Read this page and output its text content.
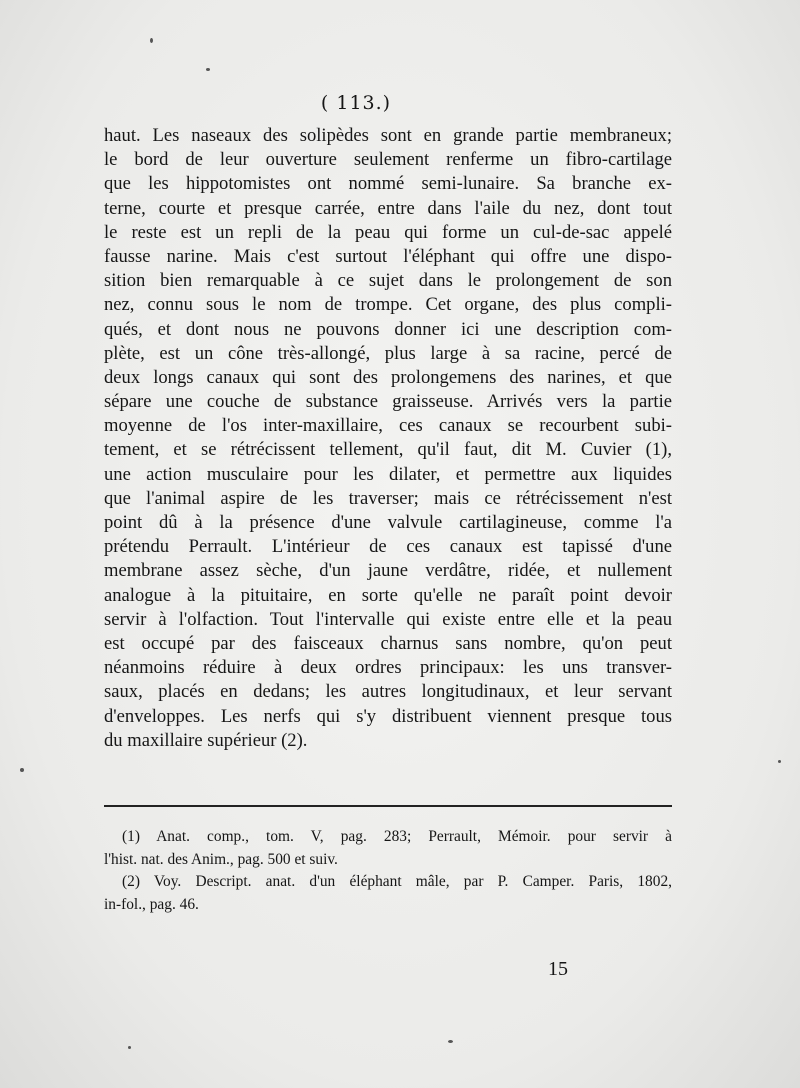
( 113.)
haut. Les naseaux des solipèdes sont en grande partie membraneux;
le bord de leur ouverture seulement renferme un fibro-cartilage
que les hippotomistes ont nommé semi-lunaire. Sa branche ex-
terne, courte et presque carrée, entre dans l'aile du nez, dont tout
le reste est un repli de la peau qui forme un cul-de-sac appelé
fausse narine. Mais c'est surtout l'éléphant qui offre une dispo-
sition bien remarquable à ce sujet dans le prolongement de son
nez, connu sous le nom de trompe. Cet organe, des plus compli-
qués, et dont nous ne pouvons donner ici une description com-
plète, est un cône très-allongé, plus large à sa racine, percé de
deux longs canaux qui sont des prolongemens des narines, et que
sépare une couche de substance graisseuse. Arrivés vers la partie
moyenne de l'os inter-maxillaire, ces canaux se recourbent subi-
tement, et se rétrécissent tellement, qu'il faut, dit M. Cuvier (1),
une action musculaire pour les dilater, et permettre aux liquides
que l'animal aspire de les traverser; mais ce rétrécissement n'est
point dû à la présence d'une valvule cartilagineuse, comme l'a
prétendu Perrault. L'intérieur de ces canaux est tapissé d'une
membrane assez sèche, d'un jaune verdâtre, ridée, et nullement
analogue à la pituitaire, en sorte qu'elle ne paraît point devoir
servir à l'olfaction. Tout l'intervalle qui existe entre elle et la peau
est occupé par des faisceaux charnus sans nombre, qu'on peut
néanmoins réduire à deux ordres principaux: les uns transver-
saux, placés en dedans; les autres longitudinaux, et leur servant
d'enveloppes. Les nerfs qui s'y distribuent viennent presque tous
du maxillaire supérieur (2).
(1) Anat. comp., tom. V, pag. 283; Perrault, Mémoir. pour servir à
l'hist. nat. des Anim., pag. 500 et suiv.
(2) Voy. Descript. anat. d'un éléphant mâle, par P. Camper. Paris, 1802,
in-fol., pag. 46.
15
